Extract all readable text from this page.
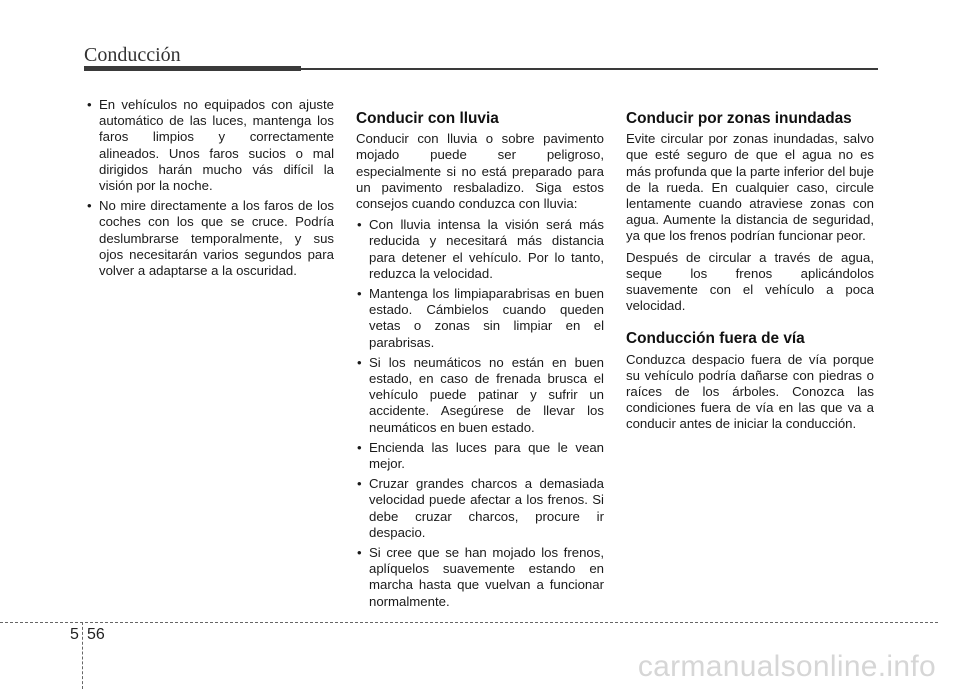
Conducción
• En vehículos no equipados con ajuste automático de las luces, mantenga los faros limpios y correctamente alineados. Unos faros sucios o mal dirigidos harán mucho vás difícil la visión por la noche.
• No mire directamente a los faros de los coches con los que se cruce. Podría deslumbrarse temporalmente, y sus ojos necesitarán varios segundos para volver a adaptarse a la oscuridad.
Conducir con lluvia

Conducir con lluvia o sobre pavimento mojado puede ser peligroso, especialmente si no está preparado para un pavimento resbaladizo. Siga estos consejos cuando conduzca con lluvia:

• Con lluvia intensa la visión será más reducida y necesitará más distancia para detener el vehículo. Por lo tanto, reduzca la velocidad.
• Mantenga los limpiaparabrisas en buen estado. Cámbielos cuando queden vetas o zonas sin limpiar en el parabrisas.
• Si los neumáticos no están en buen estado, en caso de frenada brusca el vehículo puede patinar y sufrir un accidente. Asegúrese de llevar los neumáticos en buen estado.
• Encienda las luces para que le vean mejor.
• Cruzar grandes charcos a demasiada velocidad puede afectar a los frenos. Si debe cruzar charcos, procure ir despacio.
• Si cree que se han mojado los frenos, aplíquelos suavemente estando en marcha hasta que vuelvan a funcionar normalmente.
Conducir por zonas inundadas

Evite circular por zonas inundadas, salvo que esté seguro de que el agua no es más profunda que la parte inferior del buje de la rueda. En cualquier caso, circule lentamente cuando atraviese zonas con agua. Aumente la distancia de seguridad, ya que los frenos podrían funcionar peor.

Después de circular a través de agua, seque los frenos aplicándolos suavemente con el vehículo a poca velocidad.

Conducción fuera de vía

Conduzca despacio fuera de vía porque su vehículo podría dañarse con piedras o raíces de los árboles. Conozca las condiciones fuera de vía en las que va a conducir antes de iniciar la conducción.

5 56
carmanualsonline.info
